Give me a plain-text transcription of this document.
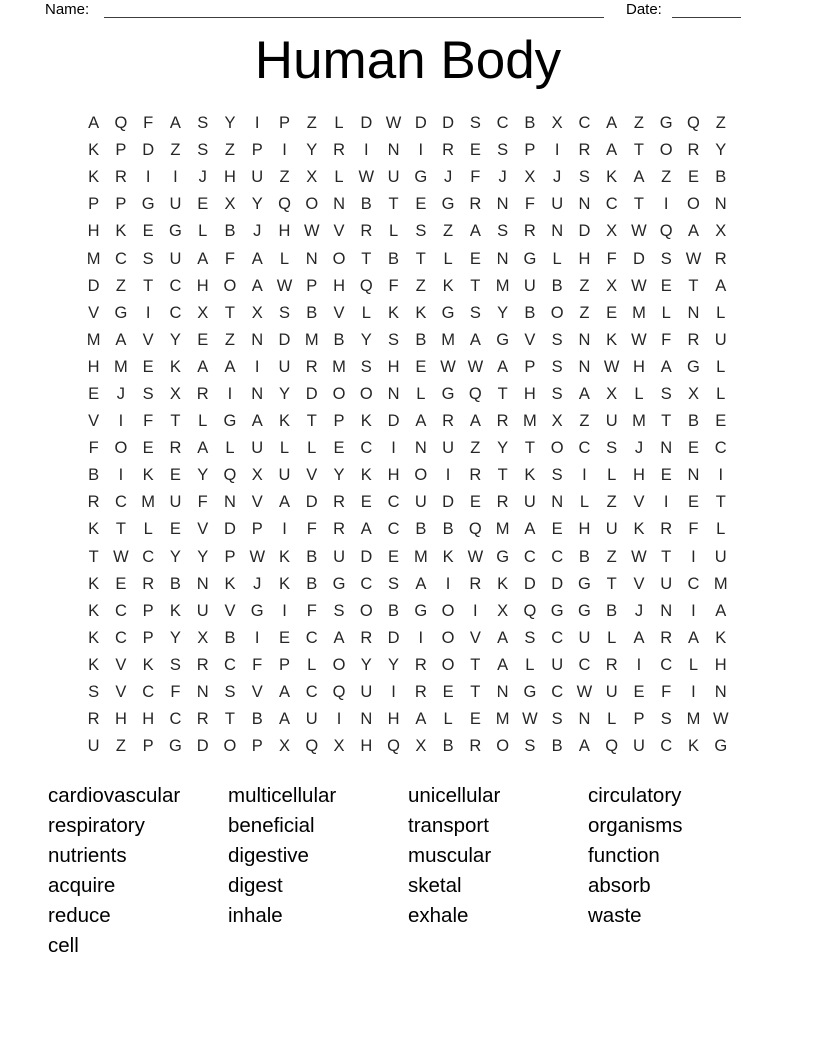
Name:	Date:
Human Body
A Q F	A S Y	I	P	Z	L	D W D D S C B X C A	Z G Q Z
K P D Z	S	Z	P	I	Y R	I	N	I	R E S P	I	R A	T O R Y
K R	I	I	J	H U Z	X	L W U G	J	F	J	X	J	S K A	Z	E B
P P G U E X Y Q O N B	T	E G R N F U N C T	I	O N
H K E G L	B	J	H W V R	L	S	Z	A S R N D X W Q A X
M C S U A	F	A	L	N O T	B	T	L	E N G L	H F D S W R
D Z	T C H O A W P H Q F	Z	K	T M U B	Z	X W E	T	A
V G	I	C X	T	X S B V	L	K K G S Y B O Z	E M L	N	L
M A V Y E	Z N D M B Y S B M A G V S N K W F R U
H M E K A A	I	U R M S H E W W A P S N W H A G L
E	J	S X R	I	N Y D O O N	L G Q T H S A X	L	S X	L
V	I	F	T	L G A K	T	P K D A R A R M X	Z U M T	B E
F O E R A	L	U	L	L	E C	I	N U Z	Y	T O C S	J	N E C
B	I	K E Y Q X U V Y K H O	I	R T	K S	I	L	H E N	I
R C M U F N V A D R E C U D E R U N	L	Z	V	I	E	T
K	T	L	E V D P	I	F R A C B B Q M A E H U K R F	L
T W C Y Y P W K B U D E M K W G C C B	Z W T	I	U
K E R B N K	J	K B G C S A	I	R K D D G T	V U C M
K C P K U V G	I	F	S O B G O	I	X Q G G B	J	N	I	A
K C P Y X B	I	E C A R D	I	O V A S C U	L	A R A K
K V K S R C F	P	L O Y Y R O T	A	L	U C R	I	C	L	H
S V C F N S V A C Q U	I	R E	T N G C W U E	F	I	N
R H H C R T	B A U	I	N H A	L	E M W S N	L	P S M W
U Z	P G D O P X Q X H Q X B R O S B A Q U C K G
cardiovascular
respiratory
nutrients
acquire
reduce
cell
multicellular
beneficial
digestive
digest
inhale
unicellular
transport
muscular
sketal
exhale
circulatory
organisms
function
absorb
waste
